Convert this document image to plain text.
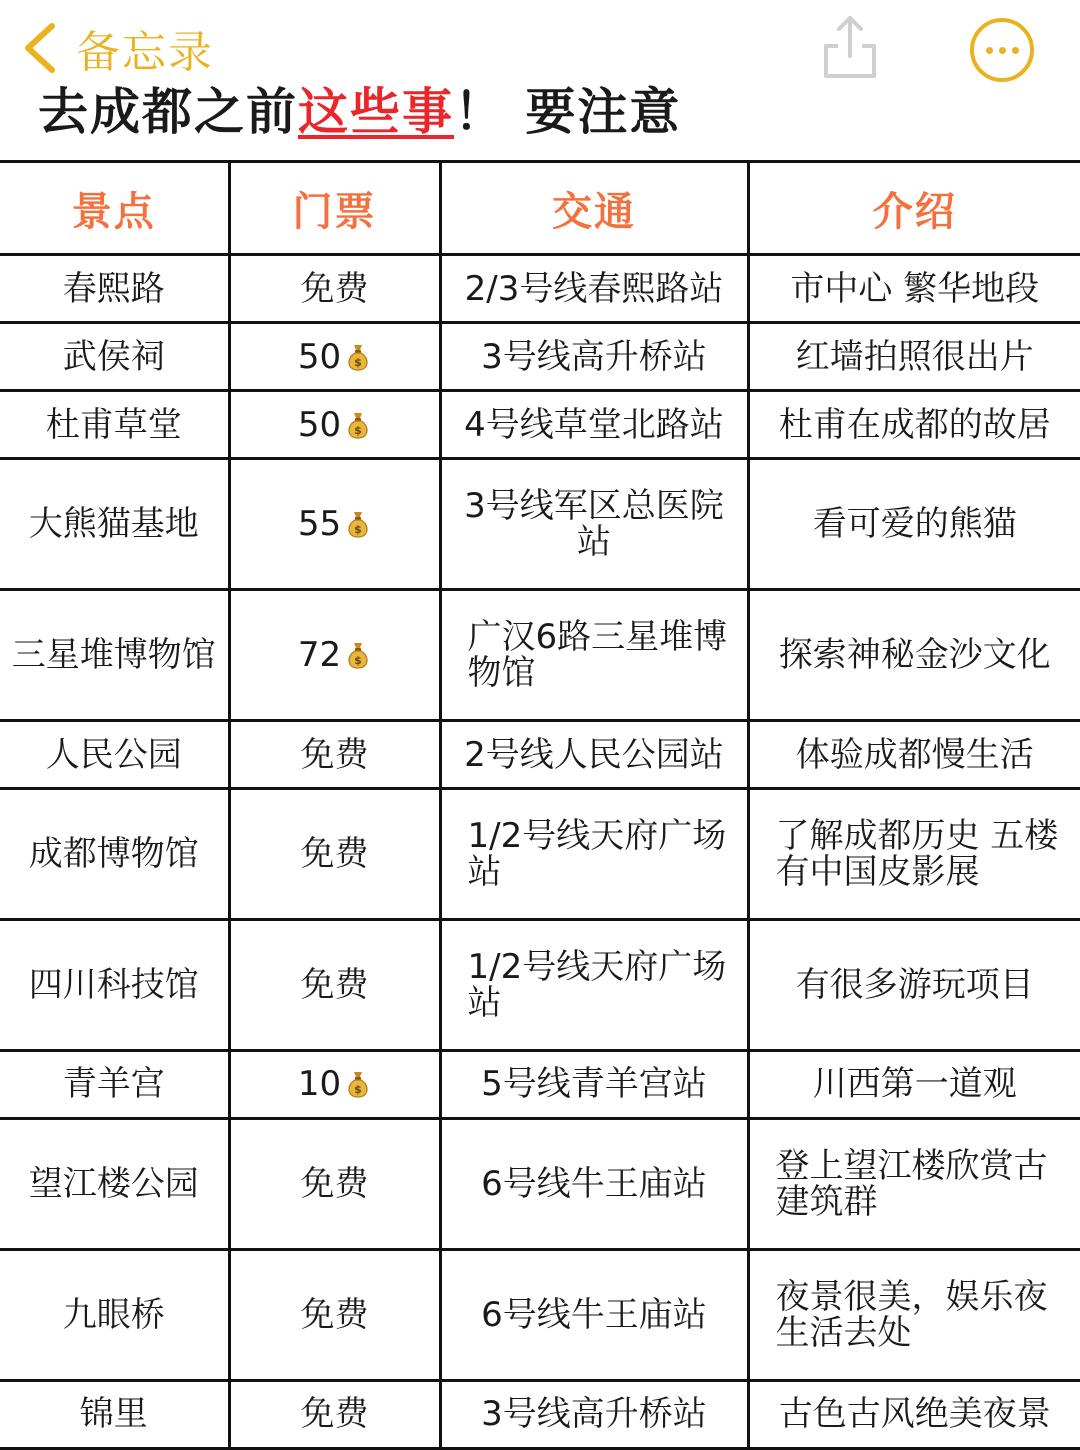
备忘录
去成都之前这些事！ 要注意
景点	门票	交通	介绍
春熙路	免费	2/3号线春熙路站	市中心 繁华地段

武侯祠	50 $	3号线高升桥站	红墙拍照很出片

杜甫草堂	50 $	4号线草堂北路站	杜甫在成都的故居

大熊猫基地	55 $	3号线军区总医院站	看可爱的熊猫

三星堆博物馆	72 $	广汉6路三星堆博物馆	探索神秘金沙文化

人民公园	免费	2号线人民公园站	体验成都慢生活

成都博物馆	免费	1/2号线天府广场站	了解成都历史 五楼有中国皮影展

四川科技馆	免费	1/2号线天府广场站	有很多游玩项目

青羊宫	10 $	5号线青羊宫站	川西第一道观

望江楼公园	免费	6号线牛王庙站	登上望江楼欣赏古建筑群

九眼桥	免费	6号线牛王庙站	夜景很美，娱乐夜生活去处

锦里	免费	3号线高升桥站	古色古风绝美夜景
